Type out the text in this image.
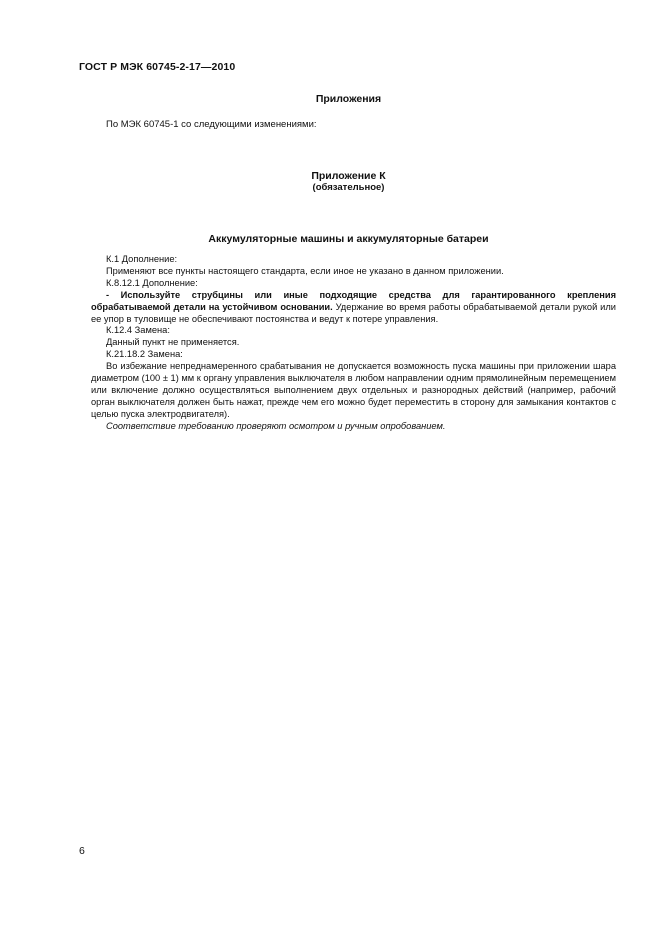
ГОСТ Р МЭК 60745-2-17—2010
Приложения
По МЭК 60745-1 со следующими изменениями:
Приложение К
(обязательное)
Аккумуляторные машины и аккумуляторные батареи

К.1 Дополнение:

Применяют все пункты настоящего стандарта, если иное не указано в данном приложении.

К.8.12.1 Дополнение:

- Используйте струбцины или иные подходящие средства для гарантированного крепления обрабатываемой детали на устойчивом основании. Удержание во время работы обрабатываемой детали рукой или ее упор в туловище не обеспечивают постоянства и ведут к потере управления.

К.12.4 Замена:

Данный пункт не применяется.

К.21.18.2 Замена:

Во избежание непреднамеренного срабатывания не допускается возможность пуска машины при приложении шара диаметром (100 ± 1) мм к органу управления выключателя в любом направлении одним прямолинейным перемещением или включение должно осуществляться выполнением двух отдельных и разнородных действий (например, рабочий орган выключателя должен быть нажат, прежде чем его можно будет переместить в сторону для замыкания контактов с целью пуска электродвигателя).

Соответствие требованию проверяют осмотром и ручным опробованием.

6
